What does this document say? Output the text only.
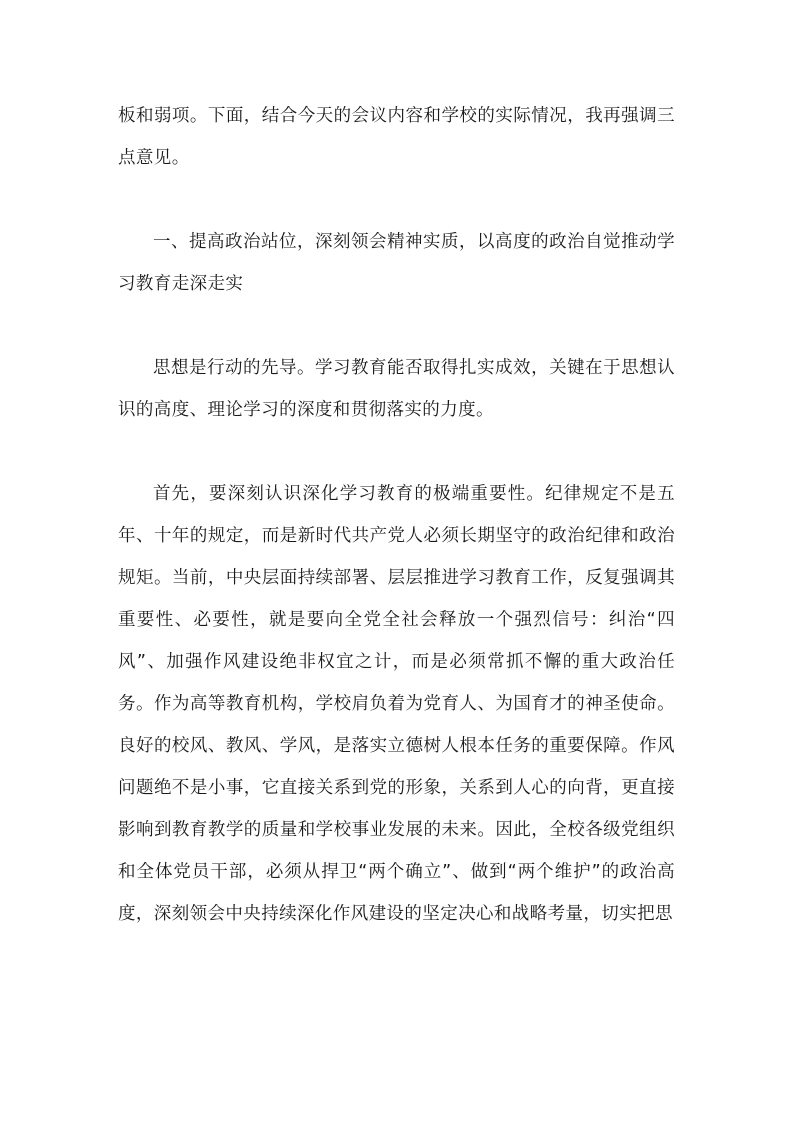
板和弱项。下面，结合今天的会议内容和学校的实际情况，我再强调三点意见。

一、提高政治站位，深刻领会精神实质，以高度的政治自觉推动学习教育走深走实

思想是行动的先导。学习教育能否取得扎实成效，关键在于思想认识的高度、理论学习的深度和贯彻落实的力度。

首先，要深刻认识深化学习教育的极端重要性。纪律规定不是五年、十年的规定，而是新时代共产党人必须长期坚守的政治纪律和政治规矩。当前，中央层面持续部署、层层推进学习教育工作，反复强调其重要性、必要性，就是要向全党全社会释放一个强烈信号：纠治“四风”、加强作风建设绝非权宜之计，而是必须常抓不懈的重大政治任务。作为高等教育机构，学校肩负着为党育人、为国育才的神圣使命。良好的校风、教风、学风，是落实立德树人根本任务的重要保障。作风问题绝不是小事，它直接关系到党的形象，关系到人心的向背，更直接影响到教育教学的质量和学校事业发展的未来。因此，全校各级党组织和全体党员干部，必须从捍卫“两个确立”、做到“两个维护”的政治高度，深刻领会中央持续深化作风建设的坚定决心和战略考量，切实把思
